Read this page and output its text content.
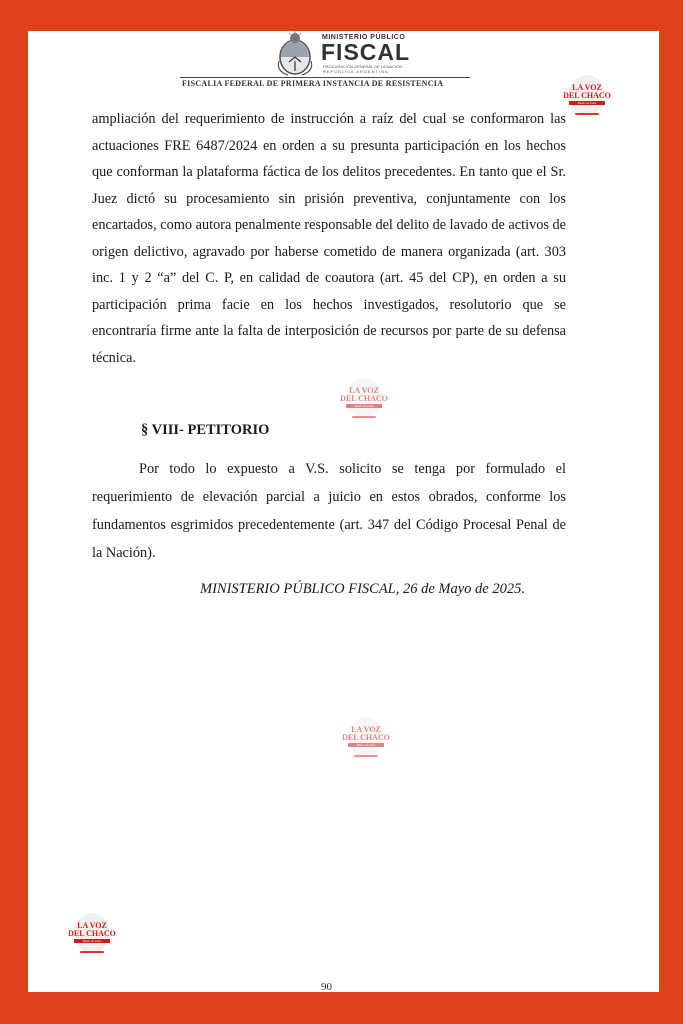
MINISTERIO PÚBLICO
FISCAL
PROCURACIÓN GENERAL DE LA NACIÓN
REPÚBLICA ARGENTINA
FISCALIA FEDERAL DE PRIMERA INSTANCIA DE RESISTENCIA
ampliación del requerimiento de instrucción a raíz del cual se conformaron las actuaciones FRE 6487/2024 en orden a su presunta participación en los hechos que conforman la plataforma fáctica de los delitos precedentes. En tanto que el Sr. Juez dictó su procesamiento sin prisión preventiva, conjuntamente con los encartados, como autora penalmente responsable del delito de lavado de activos de origen delictivo, agravado por haberse cometido de manera organizada (art. 303 inc. 1 y 2 “a” del C. P, en calidad de coautora (art. 45 del CP), en orden a su participación prima facie en los hechos investigados, resolutorio que se encontraría firme ante la falta de interposición de recursos por parte de su defensa técnica.
§ VIII- PETITORIO
Por todo lo expuesto a V.S. solicito se tenga por formulado el requerimiento de elevación parcial a juicio en estos obrados, conforme los fundamentos esgrimidos precedentemente (art. 347 del Código Procesal Penal de la Nación).
MINISTERIO PÚBLICO FISCAL, 26 de Mayo de 2025.
90
LA VOZ
DEL CHACO
Diario de todos
LA VOZ
DEL CHACO
Diario de todos
LA VOZ
DEL CHACO
Diario de todos
LA VOZ
DEL CHACO
Diario de todos
